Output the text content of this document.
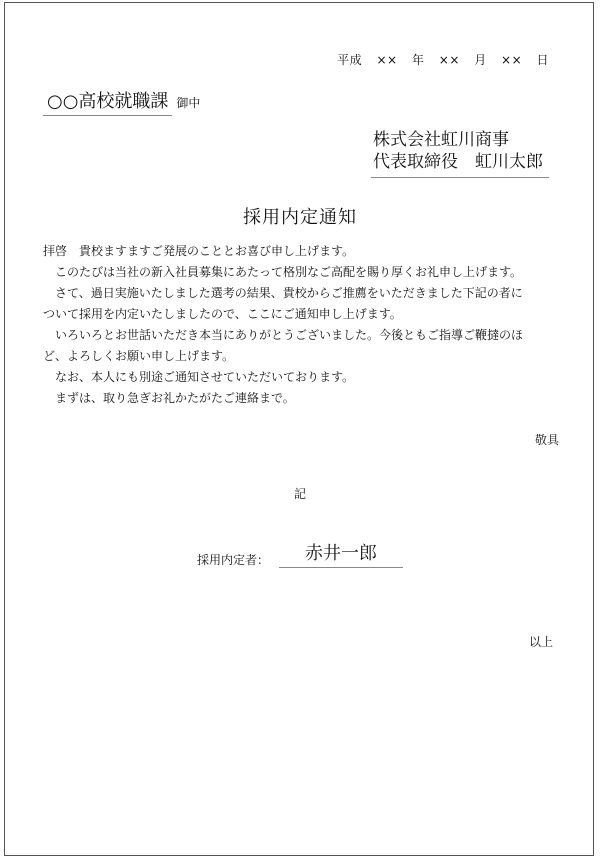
平成 ×× 年 ×× 月 ×× 日
○○高校就職課 御中
株式会社虹川商事
代表取締役　虹川太郎
採用内定通知

拝啓　貴校ますますご発展のこととお喜び申し上げます。

　このたびは当社の新入社員募集にあたって格別なご高配を賜り厚くお礼申し上げます。

　さて、過日実施いたしました選考の結果、貴校からご推薦をいただきました下記の者に

ついて採用を内定いたしましたので、ここにご通知申し上げます。

　いろいろとお世話いただき本当にありがとうございました。今後ともご指導ご鞭撻のほ

ど、よろしくお願い申し上げます。

　なお、本人にも別途ご通知させていただいております。

　まずは、取り急ぎお礼かたがたご連絡まで。

敬具
記
採用内定者： 赤井一郎
以上
